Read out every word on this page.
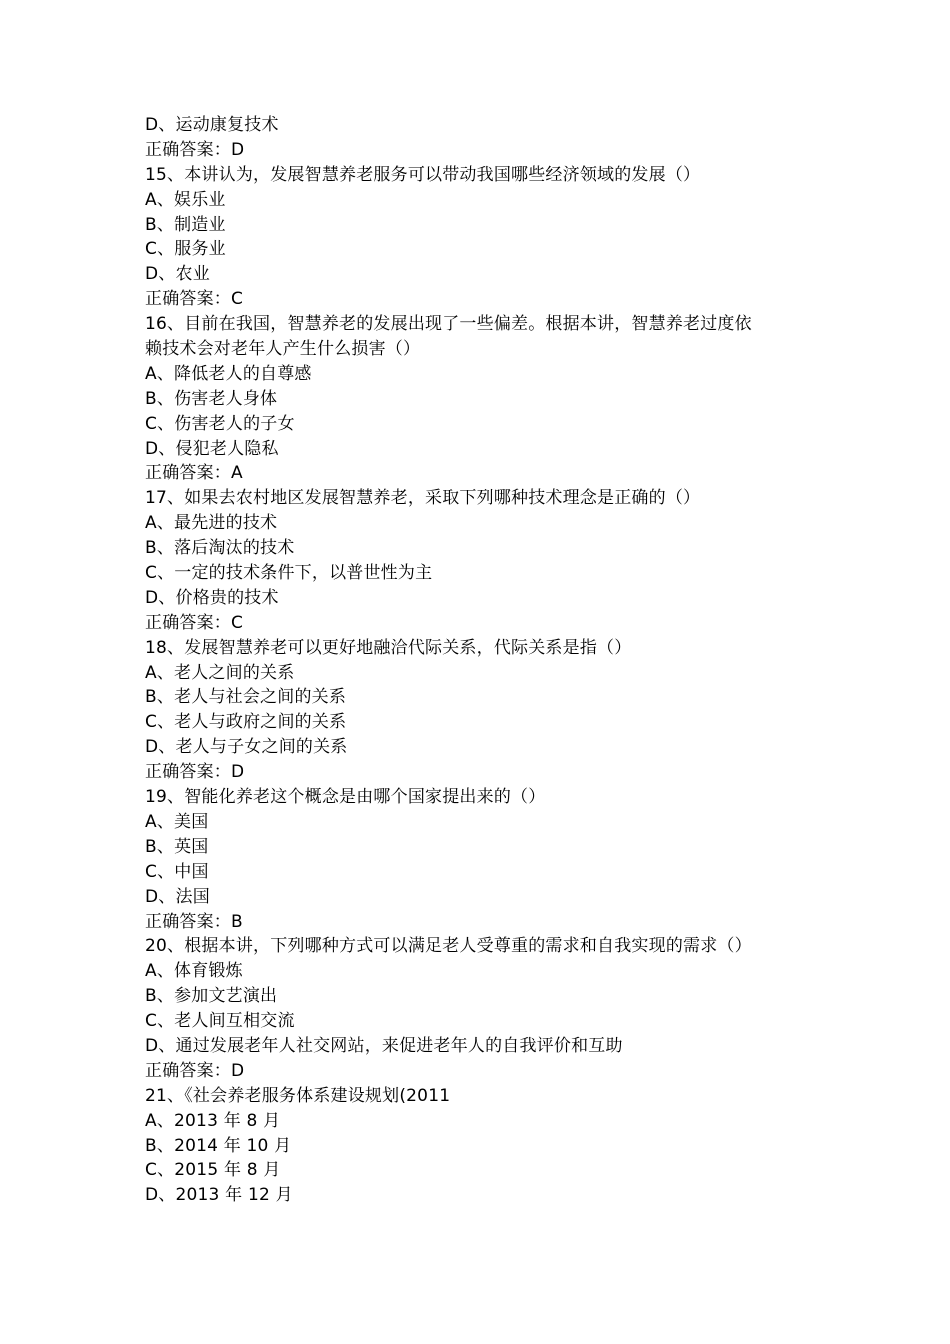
D、运动康复技术
正确答案：D
15、本讲认为，发展智慧养老服务可以带动我国哪些经济领域的发展（）
A、娱乐业
B、制造业
C、服务业
D、农业
正确答案：C
16、目前在我国，智慧养老的发展出现了一些偏差。根据本讲，智慧养老过度依
赖技术会对老年人产生什么损害（）
A、降低老人的自尊感
B、伤害老人身体
C、伤害老人的子女
D、侵犯老人隐私
正确答案：A
17、如果去农村地区发展智慧养老，采取下列哪种技术理念是正确的（）
A、最先进的技术
B、落后淘汰的技术
C、一定的技术条件下，以普世性为主
D、价格贵的技术
正确答案：C
18、发展智慧养老可以更好地融洽代际关系，代际关系是指（）
A、老人之间的关系
B、老人与社会之间的关系
C、老人与政府之间的关系
D、老人与子女之间的关系
正确答案：D
19、智能化养老这个概念是由哪个国家提出来的（）
A、美国
B、英国
C、中国
D、法国
正确答案：B
20、根据本讲，下列哪种方式可以满足老人受尊重的需求和自我实现的需求（）
A、体育锻炼
B、参加文艺演出
C、老人间互相交流
D、通过发展老年人社交网站，来促进老年人的自我评价和互助
正确答案：D
21、《社会养老服务体系建设规划(2011
A、2013 年 8 月
B、2014 年 10 月
C、2015 年 8 月
D、2013 年 12 月
